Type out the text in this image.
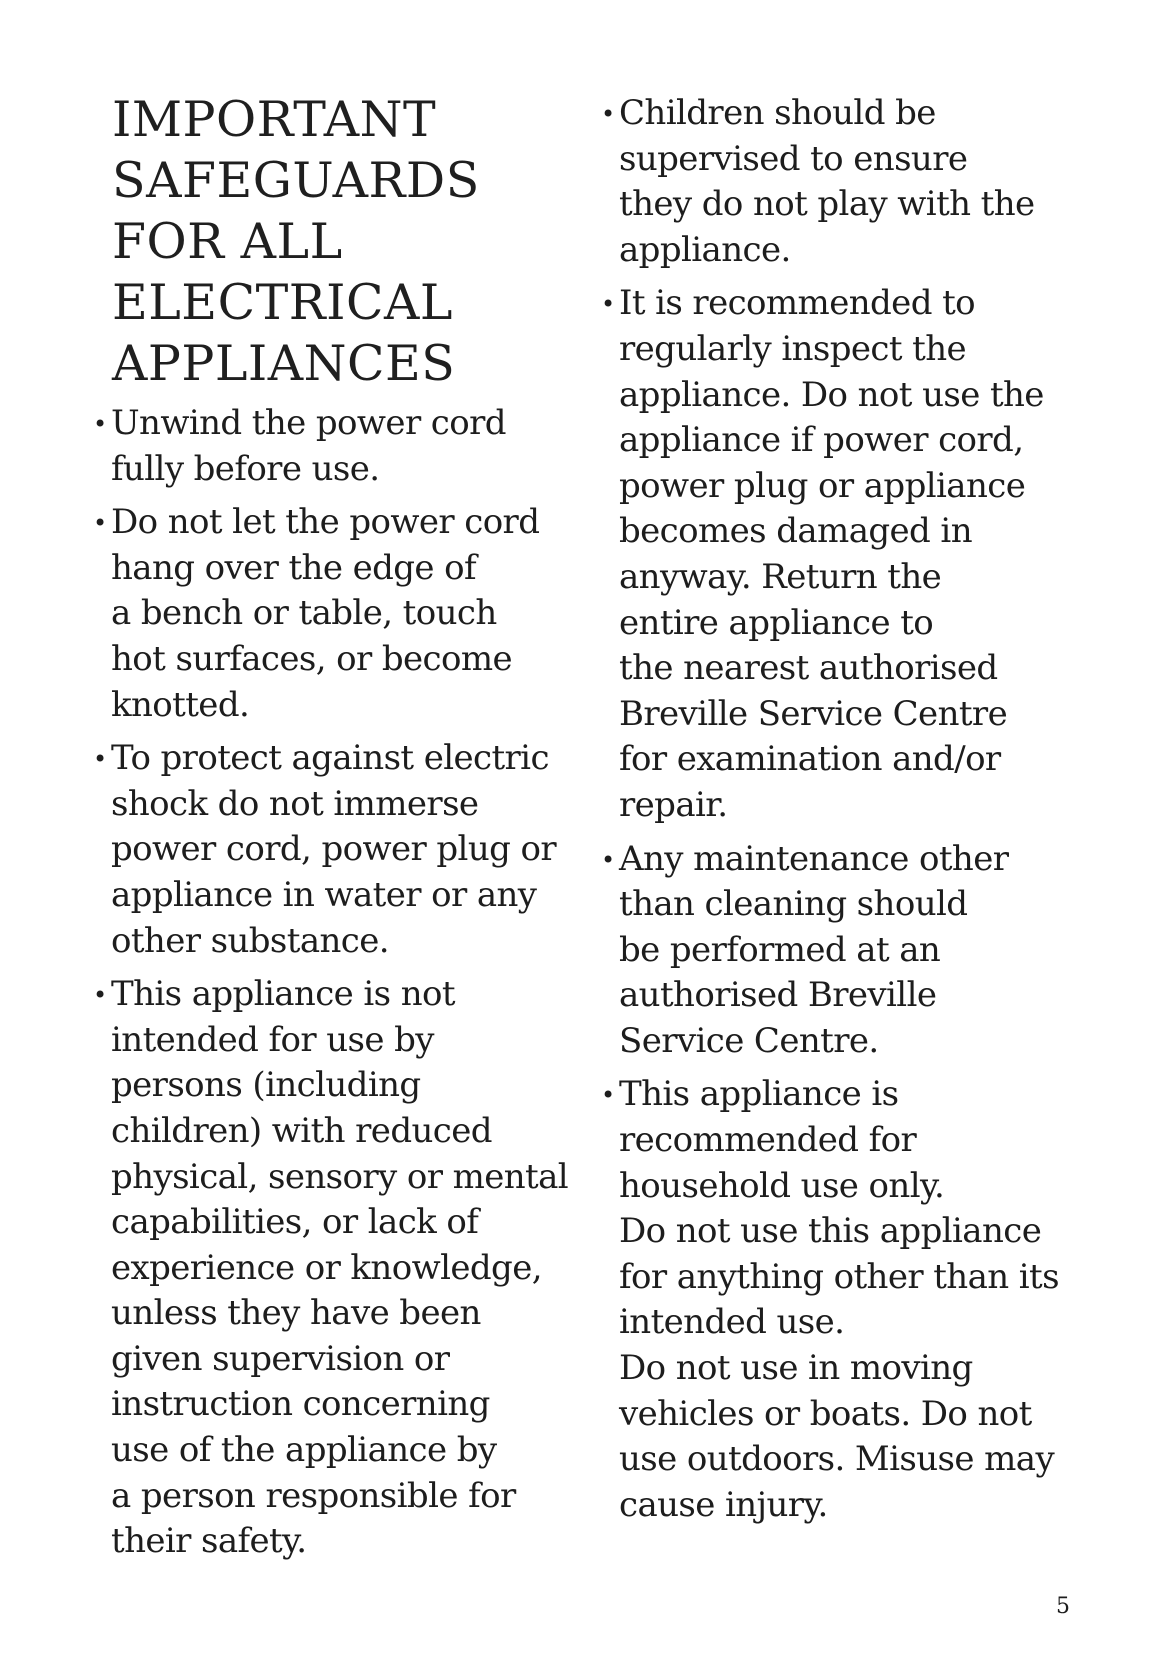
IMPORTANT
SAFEGUARDS
FOR ALL
ELECTRICAL
APPLIANCES
• Unwind the power cord
fully before use.
• Do not let the power cord
hang over the edge of
a bench or table, touch
hot surfaces, or become
knotted.
• To protect against electric
shock do not immerse
power cord, power plug or
appliance in water or any
other substance.
• This appliance is not
intended for use by
persons (including
children) with reduced
physical, sensory or mental
capabilities, or lack of
experience or knowledge,
unless they have been
given supervision or
instruction concerning
use of the appliance by
a person responsible for
their safety.
• Children should be
supervised to ensure
they do not play with the
appliance.
• It is recommended to
regularly inspect the
appliance. Do not use the
appliance if power cord,
power plug or appliance
becomes damaged in
anyway. Return the
entire appliance to
the nearest authorised
Breville Service Centre
for examination and/or
repair.
• Any maintenance other
than cleaning should
be performed at an
authorised Breville
Service Centre.
• This appliance is
recommended for
household use only.
Do not use this appliance
for anything other than its
intended use.
Do not use in moving
vehicles or boats. Do not
use outdoors. Misuse may
cause injury.
5
